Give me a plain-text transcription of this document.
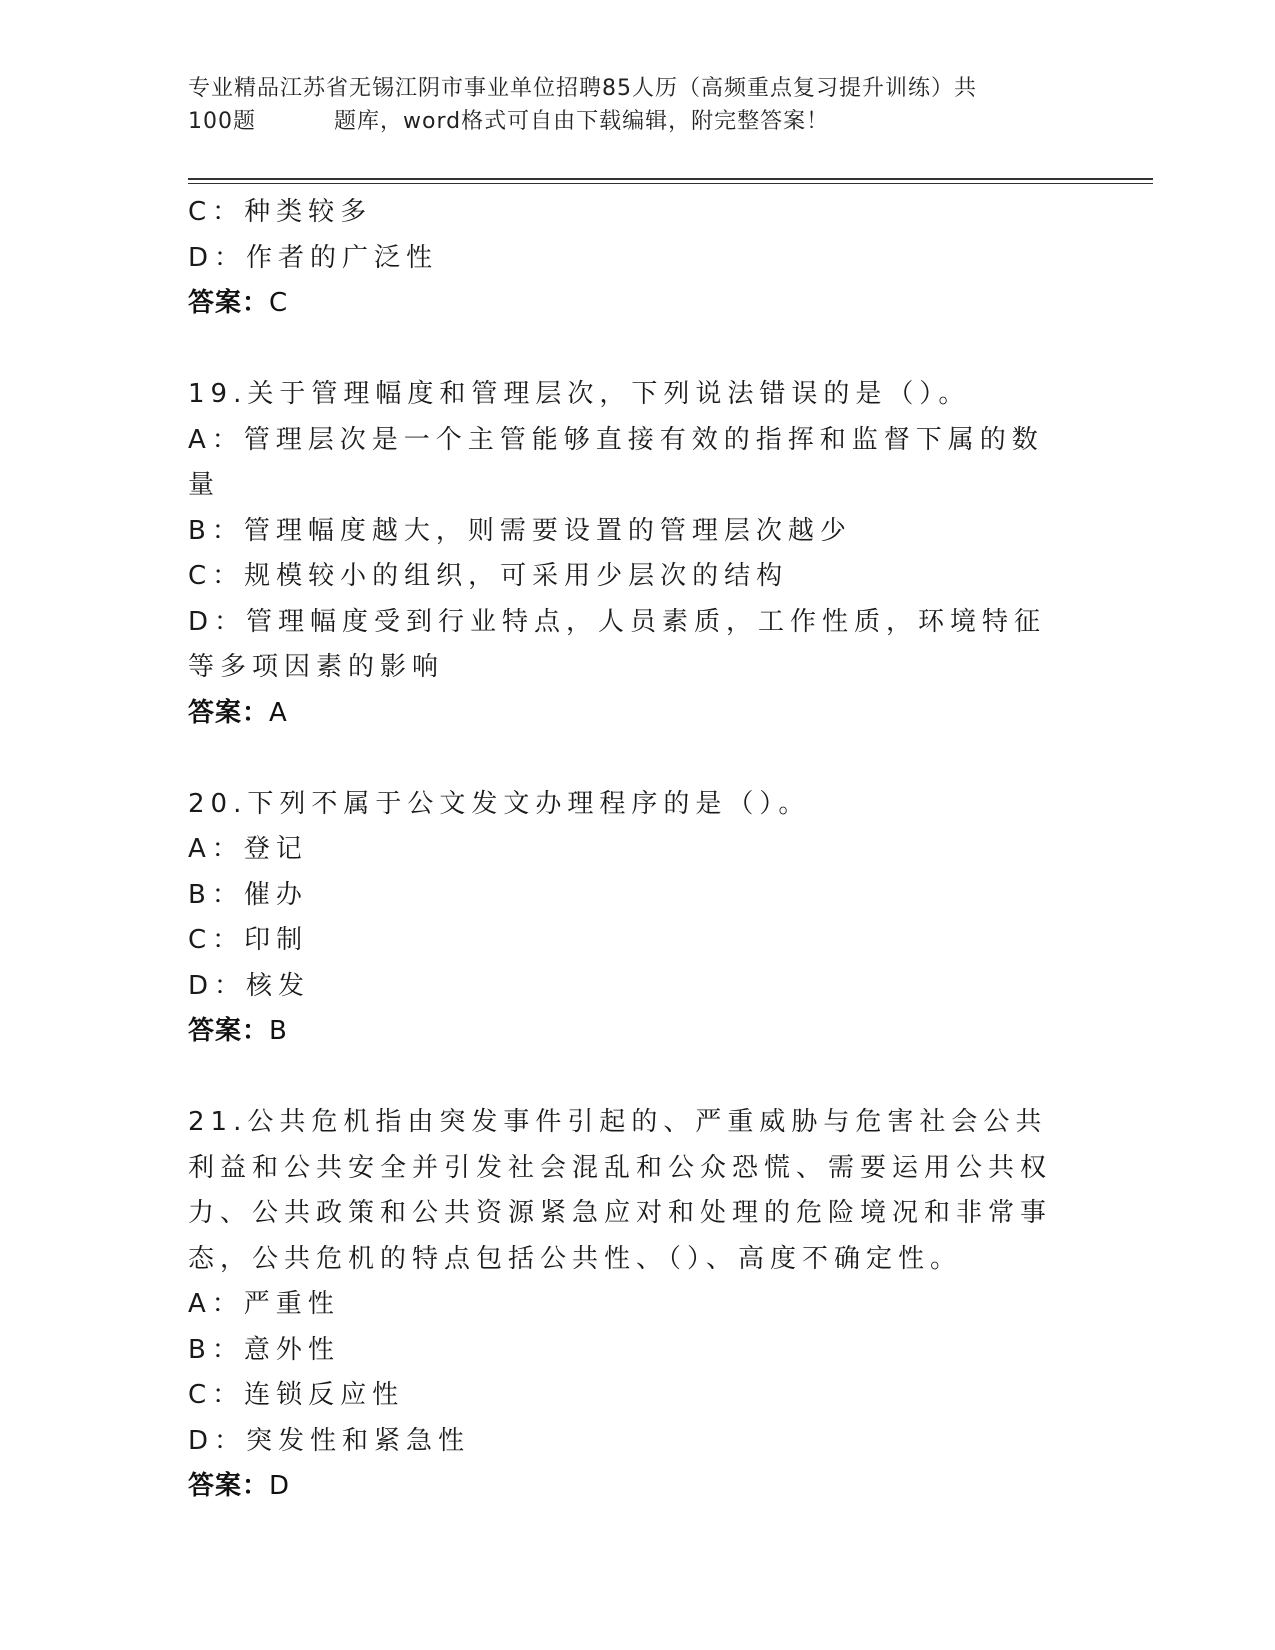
专业精品江苏省无锡江阴市事业单位招聘85人历（高频重点复习提升训练）共
100题	题库，word格式可自由下载编辑，附完整答案！
C：种类较多
D：作者的广泛性
答案：C
19.关于管理幅度和管理层次，下列说法错误的是（）。
A：管理层次是一个主管能够直接有效的指挥和监督下属的数量
B：管理幅度越大，则需要设置的管理层次越少
C：规模较小的组织，可采用少层次的结构
D：管理幅度受到行业特点，人员素质，工作性质，环境特征等多项因素的影响
答案：A
20.下列不属于公文发文办理程序的是（）。
A：登记
B：催办
C：印制
D：核发
答案：B
21.公共危机指由突发事件引起的、严重威胁与危害社会公共利益和公共安全并引发社会混乱和公众恐慌、需要运用公共权力、公共政策和公共资源紧急应对和处理的危险境况和非常事态，公共危机的特点包括公共性、（）、高度不确定性。
A：严重性
B：意外性
C：连锁反应性
D：突发性和紧急性
答案：D
